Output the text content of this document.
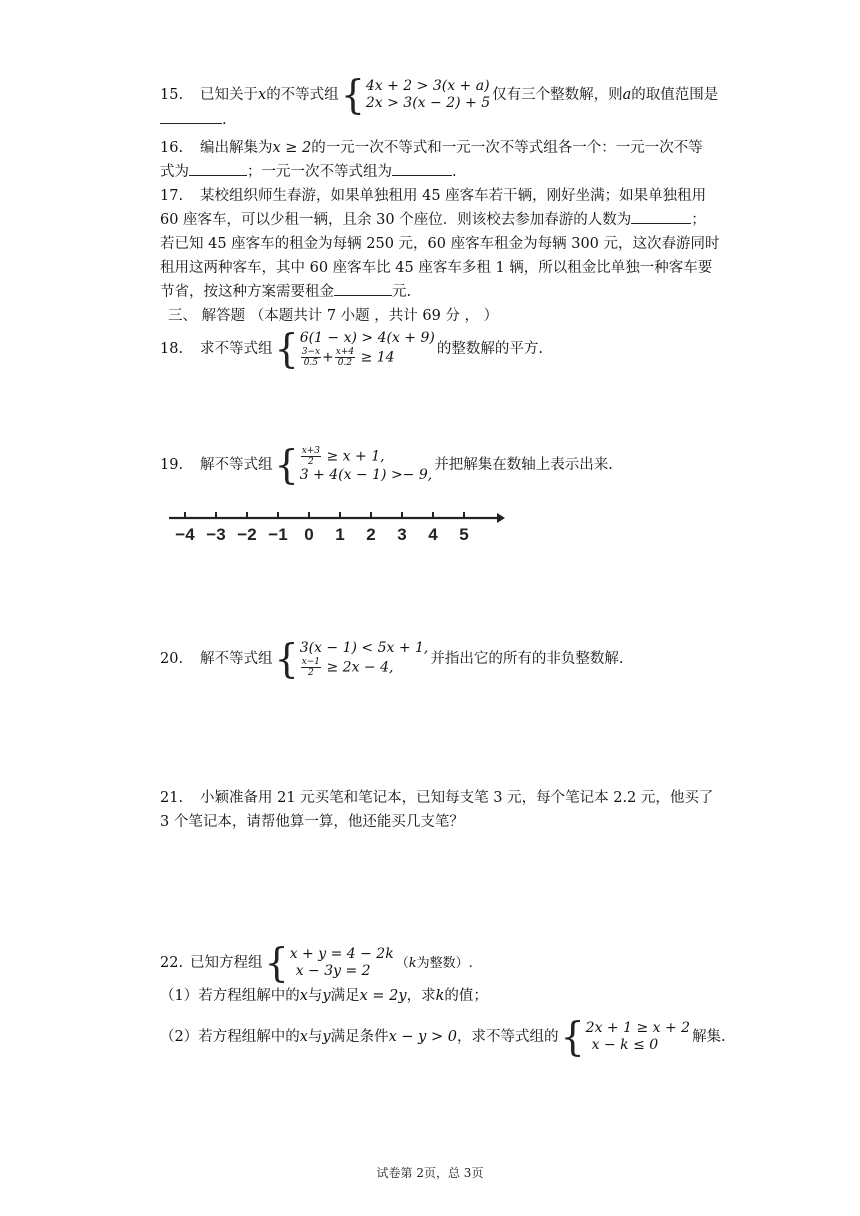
15. 已知关于x的不等式组 { 4x + 2 > 3(x + a)
2x > 3(x − 2) + 5 仅有三个整数解，则a的取值范围是
.
16. 编出解集为x ≥ 2的一元一次不等式和一元一次不等式组各一个：一元一次不等
式为	；一元一次不等式组为	.
17. 某校组织师生春游，如果单独租用 45 座客车若干辆，刚好坐满；如果单独租用
60 座客车，可以少租一辆，且余 30 个座位．则该校去参加春游的人数为	；
若已知 45 座客车的租金为每辆 250 元，60 座客车租金为每辆 300 元，这次春游同时
租用这两种客车，其中 60 座客车比 45 座客车多租 1 辆，所以租金比单独一种客车要
节省，按这种方案需要租金	元.
三、 解答题 （本题共计 7 小题 ，共计 69 分 ， ）
18. 求不等式组 { 6(1 − x) > 4(x + 9)
$\frac{3-x}{0.5} + \frac{x+4}{0.2} \ge 14$
的整数解的平方.
19. 解不等式组 { $\frac{x+3}{2} \ge x + 1$,
3 + 4(x − 1) >− 9,
并把解集在数轴上表示出来.
−4 −3 −2 −1 0 1 2 3 4 5
20. 解不等式组 { 3(x − 1) < 5x + 1,
$\frac{x-1}{2} \ge 2x - 4$,
并指出它的所有的非负整数解.
21. 小颖准备用 21 元买笔和笔记本，已知每支笔 3 元，每个笔记本 2.2 元，他买了
3 个笔记本，请帮他算一算，他还能买几支笔？
22. 已知方程组 { x + y = 4 − 2k
x − 3y = 2	（k为整数）.
（1）若方程组解中的x与y满足x = 2y，求k的值；
（2）若方程组解中的x与y满足条件x − y > 0，求不等式组的 { 2x + 1 ≥ x + 2
x − k ≤ 0	解集.
试卷第 2页，总 3页
